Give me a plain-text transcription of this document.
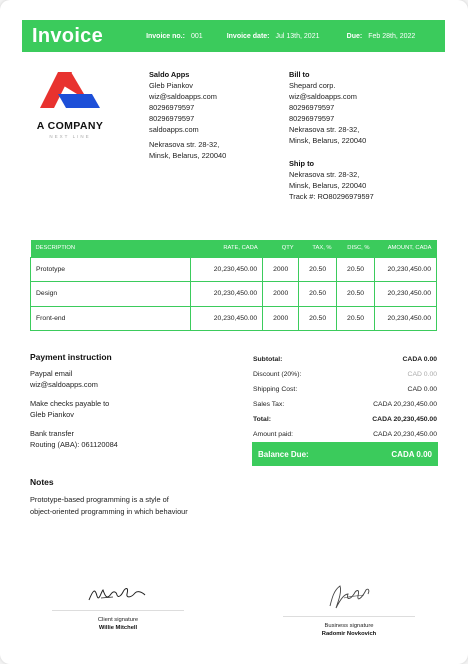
Invoice	Invoice no.: 001	Invoice date: Jul 13th, 2021	Due: Feb 28th, 2022
A COMPANY
NEXT LINE
Saldo Apps
Gleb Piankov
wiz@saldoapps.com
80296979597
80296979597
saldoapps.com
Nekrasova str. 28-32,
Minsk, Belarus, 220040
Bill to
Shepard corp.
wiz@saldoapps.com
80296979597
80296979597
Nekrasova str. 28-32,
Minsk, Belarus, 220040
Ship to
Nekrasova str. 28-32,
Minsk, Belarus, 220040
Track #: RO80296979597
DESCRIPTION	RATE, CADA	QTY	TAX, %	DISC, %	AMOUNT, CADA
Prototype	20,230,450.00	2000	20.50	20.50	20,230,450.00
Design	20,230,450.00	2000	20.50	20.50	20,230,450.00
Front-end	20,230,450.00	2000	20.50	20.50	20,230,450.00
Payment instruction
Paypal email
wiz@saldoapps.com
Make checks payable to
Gleb Piankov
Bank transfer
Routing (ABA): 061120084
Subtotal:	CADA 0.00
Discount (20%):	CAD 0.00
Shipping Cost:	CAD 0.00
Sales Tax:	CADA 20,230,450.00
Total:	CADA 20,230,450.00
Amount paid:	CADA 20,230,450.00
Balance Due:	CADA 0.00
Notes
Prototype-based programming is a style of
object-oriented programming in which behaviour
Client signature
Willie Mitchell	Business signature
Radomir Novkovich
